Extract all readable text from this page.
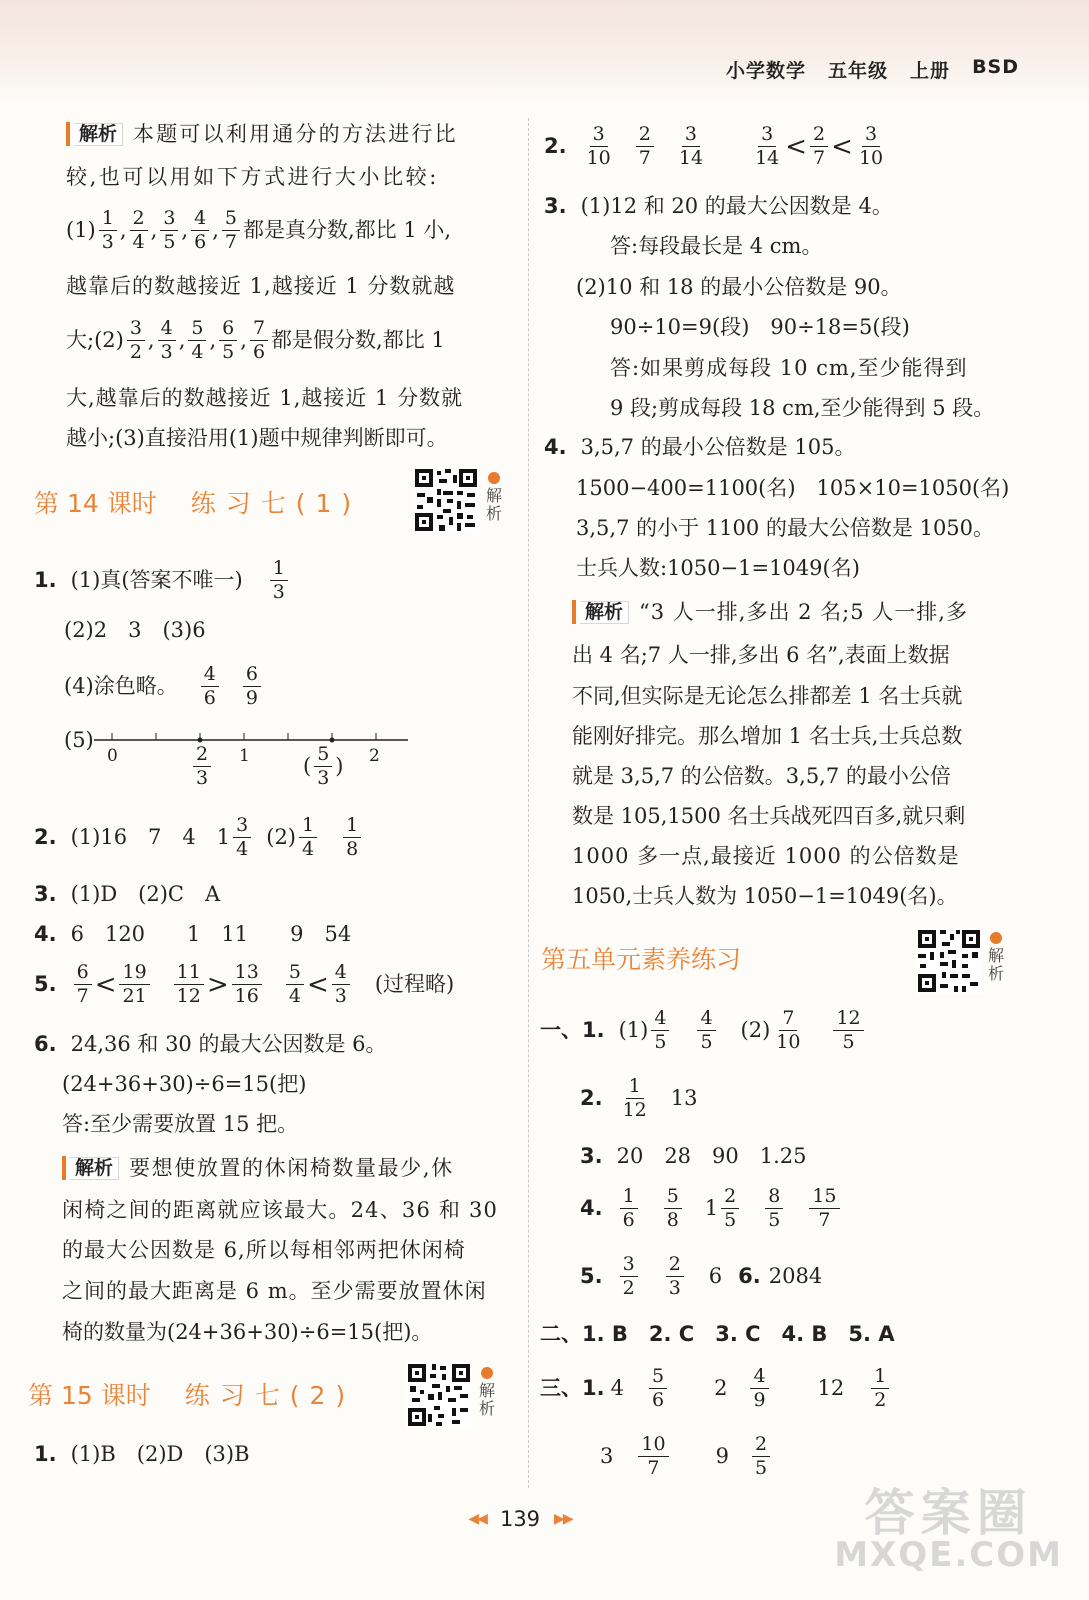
小学数学 五年级 上册 BSD
解析 本题可以利用通分的方法进行比
较,也可以用如下方式进行大小比较:
(1)
1
3 ,
2
4 ,
3
5 ,
4
6 ,
5
7 都是真分数,都比 1 小,
越靠后的数越接近 1,越接近 1 分数就越
大;(2)
3
2 ,
4
3 ,
5
4 ,
6
5 ,
7
6 都是假分数,都比 1
大,越靠后的数越接近 1,越接近 1 分数就
越小;(3)直接沿用(1)题中规律判断即可。
第 14 课时 练习七(1)	解
析
1. (1)真(答案不唯一)
1
3
(2)2　3　(3)6
(4)涂色略。
4
6
6
9
(5)
0	1	2
2
3	(
5
3 )
2. (1)16　7　4　1
3
4 (2)
1
4
1
8
3. (1)D　(2)C　A
4. 6　120　　1　11　　9　54
5.
6
7 < 19
21
11
12 > 13
16
5
4 < 4
3 (过程略)
6. 24,36 和 30 的最大公因数是 6。
(24+36+30)÷6=15(把)
答:至少需要放置 15 把。
解析 要想使放置的休闲椅数量最少,休
闲椅之间的距离就应该最大。24、36 和 30
的最大公因数是 6,所以每相邻两把休闲椅
之间的最大距离是 6 m。至少需要放置休闲
椅的数量为(24+36+30)÷6=15(把)。
第 15 课时 练习七(2)	解
析
1. (1)B　(2)D　(3)B
2.
3
10
2
7
3
14
3
14 < 2
7 < 3
10
3. (1)12 和 20 的最大公因数是 4。
答:每段最长是 4 cm。
(2)10 和 18 的最小公倍数是 90。
90÷10=9(段)　90÷18=5(段)
答:如果剪成每段 10 cm,至少能得到
9 段;剪成每段 18 cm,至少能得到 5 段。
4. 3,5,7 的最小公倍数是 105。
1500−400=1100(名)　105×10=1050(名)
3,5,7 的小于 1100 的最大公倍数是 1050。
士兵人数:1050−1=1049(名)
解析 “3 人一排,多出 2 名;5 人一排,多
出 4 名;7 人一排,多出 6 名”,表面上数据
不同,但实际是无论怎么排都差 1 名士兵就
能刚好排完。那么增加 1 名士兵,士兵总数
就是 3,5,7 的公倍数。3,5,7 的最小公倍
数是 105,1500 名士兵战死四百多,就只剩
1000 多一点,最接近 1000 的公倍数是
1050,士兵人数为 1050−1=1049(名)。
第五单元素养练习	解
析
一、1. (1)
4
5
4
5 (2)
7
10
12
5
2.
1
12 13
3. 20　28　90　1.25
4.
1
6
5
8 1
2
5
8
5
15
7
5.
3
2
2
3 6 6. 2084
二、1. B　2. C　3. C　4. B　5. A
三、1. 4
5
6 2
4
9 12
1
2
3
10
7	9
2
5
◀◀ 139 ▶▶	答案圈
MXQE.COM
